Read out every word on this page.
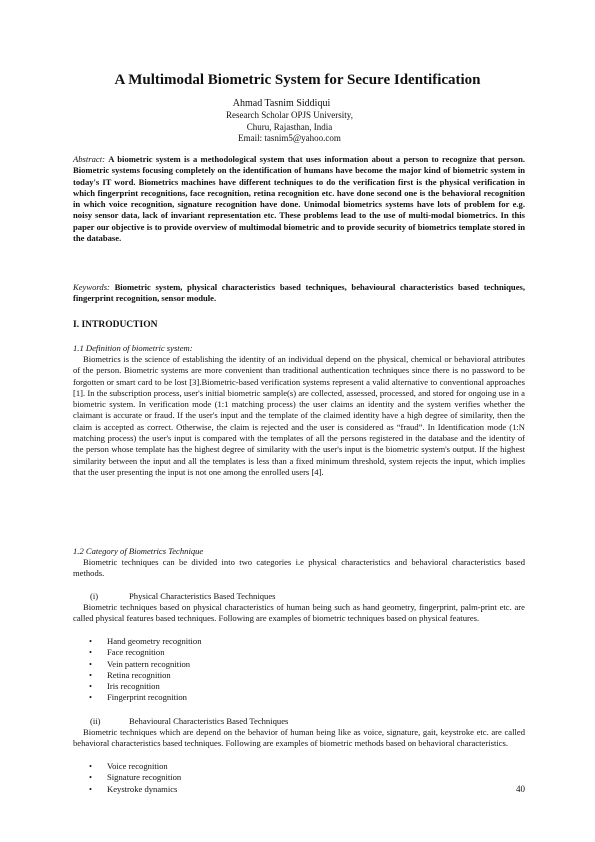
A Multimodal Biometric System for Secure Identification
Ahmad Tasnim Siddiqui
Research Scholar OPJS University,
Churu, Rajasthan, India
Email: tasnim5@yahoo.com
Abstract: A biometric system is a methodological system that uses information about a person to recognize that person. Biometric systems focusing completely on the identification of humans have become the major kind of biometric system in today's IT word. Biometrics machines have different techniques to do the verification first is the physical verification in which fingerprint recognitions, face recognition, retina recognition etc. have done second one is the behavioral recognition in which voice recognition, signature recognition have done. Unimodal biometrics systems have lots of problem for e.g. noisy sensor data, lack of invariant representation etc. These problems lead to the use of multi-modal biometrics. In this paper our objective is to provide overview of multimodal biometric and to provide security of biometrics template stored in the database.
Keywords: Biometric system, physical characteristics based techniques, behavioural characteristics based techniques, fingerprint recognition, sensor module.
I. INTRODUCTION
1.1 Definition of biometric system:
Biometrics is the science of establishing the identity of an individual depend on the physical, chemical or behavioral attributes of the person. Biometric systems are more convenient than traditional authentication techniques since there is no password to be forgotten or smart card to be lost [3].Biometric-based verification systems represent a valid alternative to conventional approaches [1]. In the subscription process, user's initial biometric sample(s) are collected, assessed, processed, and stored for ongoing use in a biometric system. In verification mode (1:1 matching process) the user claims an identity and the system verifies whether the claimant is accurate or fraud. If the user's input and the template of the claimed identity have a high degree of similarity, then the claim is accepted as correct. Otherwise, the claim is rejected and the user is considered as “fraud”. In Identification mode (1:N matching process) the user's input is compared with the templates of all the persons registered in the database and the identity of the person whose template has the highest degree of similarity with the user's input is the biometric system's output. If the highest similarity between the input and all the templates is less than a fixed minimum threshold, system rejects the input, which implies that the user presenting the input is not one among the enrolled users [4].
1.2 Category of Biometrics Technique
Biometric techniques can be divided into two categories i.e physical characteristics and behavioral characteristics based methods.
(i)	Physical Characteristics Based Techniques
Biometric techniques based on physical characteristics of human being such as hand geometry, fingerprint, palm-print etc. are called physical features based techniques. Following are examples of biometric techniques based on physical features.
•	Hand geometry recognition
•	Face recognition
•	Vein pattern recognition
•	Retina recognition
•	Iris recognition
•	Fingerprint recognition
(ii)	Behavioural Characteristics Based Techniques
Biometric techniques which are depend on the behavior of human being like as voice, signature, gait, keystroke etc. are called behavioral characteristics based techniques. Following are examples of biometric methods based on behavioral characteristics.
•	Voice recognition
•	Signature recognition
•	Keystroke dynamics	40
